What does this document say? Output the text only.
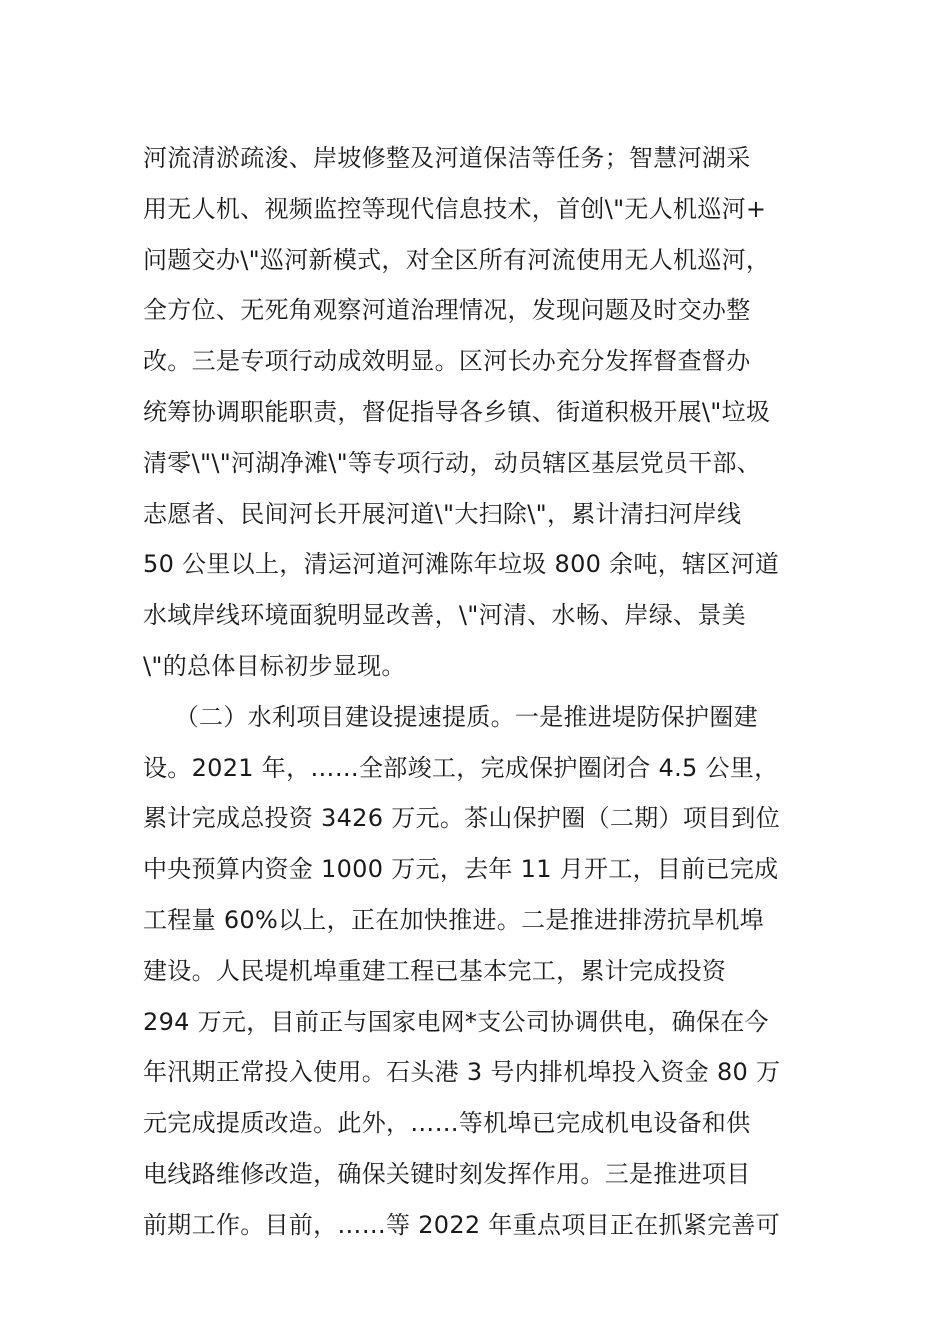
河流清淤疏浚、岸坡修整及河道保洁等任务；智慧河湖采
用无人机、视频监控等现代信息技术，首创\"无人机巡河+
问题交办\"巡河新模式，对全区所有河流使用无人机巡河，
全方位、无死角观察河道治理情况，发现问题及时交办整
改。三是专项行动成效明显。区河长办充分发挥督查督办
统筹协调职能职责，督促指导各乡镇、街道积极开展\"垃圾
清零\"\"河湖净滩\"等专项行动，动员辖区基层党员干部、
志愿者、民间河长开展河道\"大扫除\"，累计清扫河岸线
50 公里以上，清运河道河滩陈年垃圾 800 余吨，辖区河道
水域岸线环境面貌明显改善，\"河清、水畅、岸绿、景美
\"的总体目标初步显现。
（二）水利项目建设提速提质。一是推进堤防保护圈建
设。2021 年，……全部竣工，完成保护圈闭合 4.5 公里，
累计完成总投资 3426 万元。茶山保护圈（二期）项目到位
中央预算内资金 1000 万元，去年 11 月开工，目前已完成
工程量 60%以上，正在加快推进。二是推进排涝抗旱机埠
建设。人民堤机埠重建工程已基本完工，累计完成投资
294 万元，目前正与国家电网*支公司协调供电，确保在今
年汛期正常投入使用。石头港 3 号内排机埠投入资金 80 万
元完成提质改造。此外，……等机埠已完成机电设备和供
电线路维修改造，确保关键时刻发挥作用。三是推进项目
前期工作。目前，……等 2022 年重点项目正在抓紧完善可
